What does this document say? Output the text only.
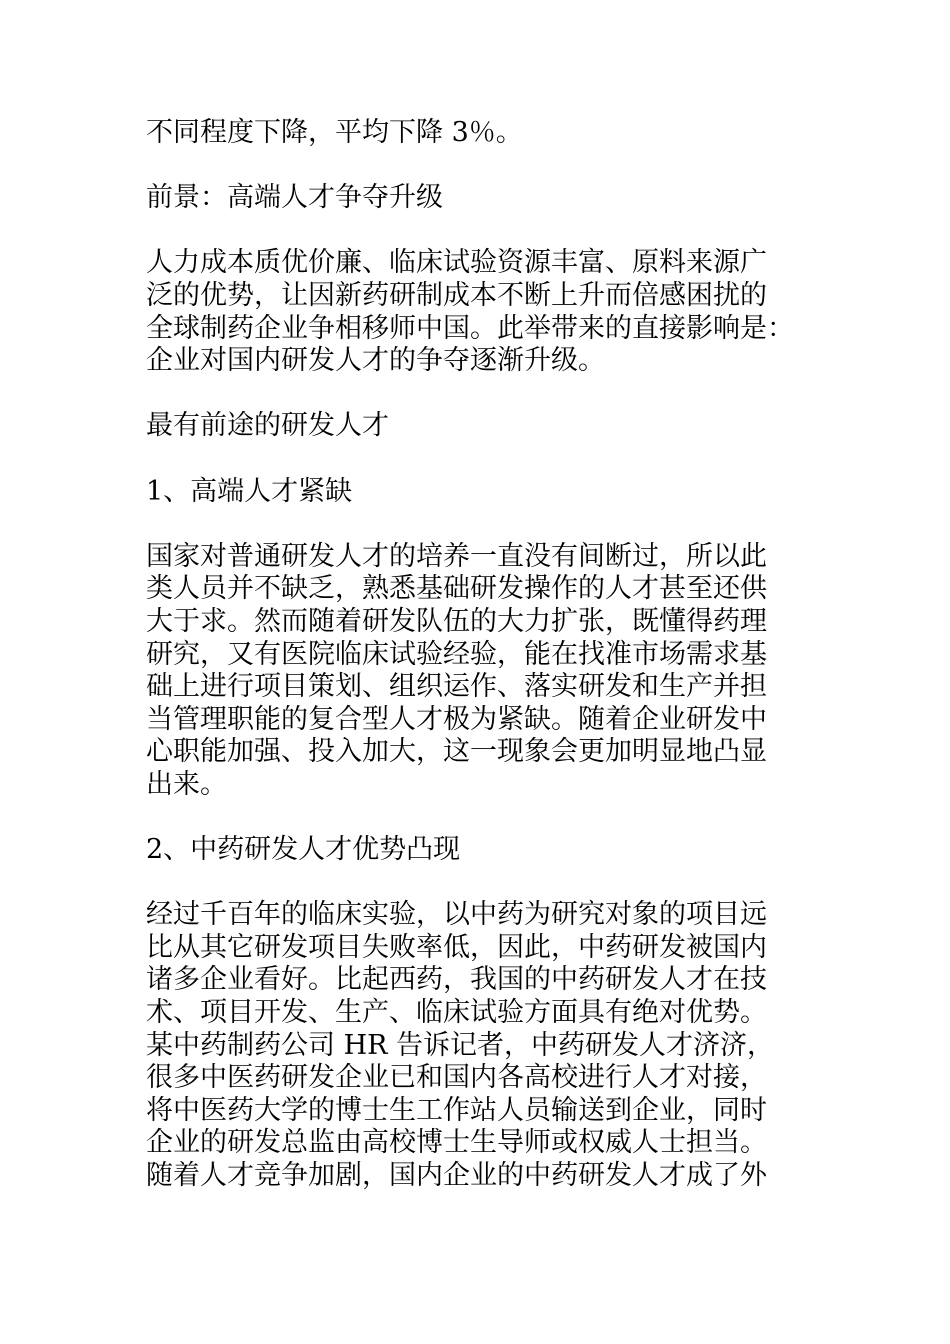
不同程度下降，平均下降 3％。
前景：高端人才争夺升级
人力成本质优价廉、临床试验资源丰富、原料来源广
泛的优势，让因新药研制成本不断上升而倍感困扰的
全球制药企业争相移师中国。此举带来的直接影响是：
企业对国内研发人才的争夺逐渐升级。
最有前途的研发人才
1、高端人才紧缺
国家对普通研发人才的培养一直没有间断过，所以此
类人员并不缺乏，熟悉基础研发操作的人才甚至还供
大于求。然而随着研发队伍的大力扩张，既懂得药理
研究，又有医院临床试验经验，能在找准市场需求基
础上进行项目策划、组织运作、落实研发和生产并担
当管理职能的复合型人才极为紧缺。随着企业研发中
心职能加强、投入加大，这一现象会更加明显地凸显
出来。
2、中药研发人才优势凸现
经过千百年的临床实验，以中药为研究对象的项目远
比从其它研发项目失败率低，因此，中药研发被国内
诸多企业看好。比起西药，我国的中药研发人才在技
术、项目开发、生产、临床试验方面具有绝对优势。
某中药制药公司 HR 告诉记者，中药研发人才济济，
很多中医药研发企业已和国内各高校进行人才对接，
将中医药大学的博士生工作站人员输送到企业，同时
企业的研发总监由高校博士生导师或权威人士担当。
随着人才竞争加剧，国内企业的中药研发人才成了外
